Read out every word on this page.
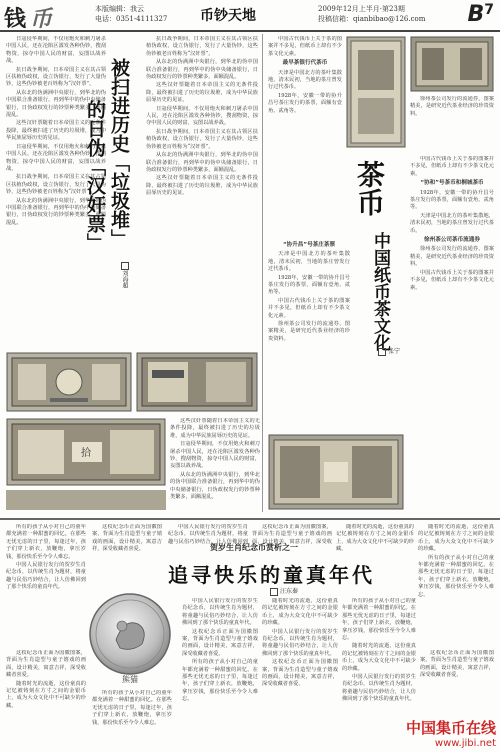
钱币	本版编辑：我云
电话：0351-4111327 币钞天地	2009年12月上半月·第23期
投稿信箱：qianbibao@126.com $B^7$

日寇侵华期间，不仅用炮火和刺刀屠杀中国人民，还在沦陷区滥发各种伪钞，搜刮物资，掠夺中国人民的财富，妄图以战养战。

抗日战争期间，日本帝国主义在其占领区扶植伪政权，设立伪银行，发行了大量伪钞，这些伪钞被老百姓称为“汉奸票”。

从东北的伪满洲中央银行，到华北的伪中国联合准备银行，再到华中的伪中央储备银行，日伪政权发行的钞票种类繁多，面额混乱。

这些汉奸票随着日本帝国主义的无条件投降，最终被扫进了历史的垃圾堆，成为中华民族屈辱历史的见证。

日寇侵华期间，不仅用炮火和刺刀屠杀中国人民，还在沦陷区滥发各种伪钞，搜刮物资，掠夺中国人民的财富，妄图以战养战。

抗日战争期间，日本帝国主义在其占领区扶植伪政权，设立伪银行，发行了大量伪钞，这些伪钞被老百姓称为“汉奸票”。

从东北的伪满洲中央银行，到华北的伪中国联合准备银行，再到华中的伪中央储备银行，日伪政权发行的钞票种类繁多，面额混乱。	被扫进历史「垃圾堆」
的日伪「汉奸票」
刘海超

抗日战争期间，日本帝国主义在其占领区扶植伪政权，设立伪银行，发行了大量伪钞，这些伪钞被老百姓称为“汉奸票”。

从东北的伪满洲中央银行，到华北的伪中国联合准备银行，再到华中的伪中央储备银行，日伪政权发行的钞票种类繁多，面额混乱。

这些汉奸票随着日本帝国主义的无条件投降，最终被扫进了历史的垃圾堆，成为中华民族屈辱历史的见证。

日寇侵华期间，不仅用炮火和刺刀屠杀中国人民，还在沦陷区滥发各种伪钞，搜刮物资，掠夺中国人民的财富，妄图以战养战。

抗日战争期间，日本帝国主义在其占领区扶植伪政权，设立伪银行，发行了大量伪钞，这些伪钞被老百姓称为“汉奸票”。

从东北的伪满洲中央银行，到华北的伪中国联合准备银行，再到华中的伪中央储备银行，日伪政权发行的钞票种类繁多，面额混乱。

这些汉奸票随着日本帝国主义的无条件投降，最终被扫进了历史的垃圾堆，成为中华民族屈辱历史的见证。

拾

这些汉奸票随着日本帝国主义的无条件投降，最终被扫进了历史的垃圾堆，成为中华民族屈辱历史的见证。

日寇侵华期间，不仅用炮火和刺刀屠杀中国人民，还在沦陷区滥发各种伪钞，搜刮物资，掠夺中国人民的财富，妄图以战养战。

从东北的伪满洲中央银行，到华北的伪中国联合准备银行，再到华中的伪中央储备银行，日伪政权发行的钞票种类繁多，面额混乱。

中国古代钱币上关于茶的图案并不多见，但纸币上却有不少茶文化元素。

最早茶银行代茶币

天津是中国北方的茶叶集散地，清末民初，当地的茶庄曾发行过代茶币。

1928年，安徽一带的协升昌号茶庄发行的茶票，面额有壹角、贰角等。

徐州茶公司发行的流通券，图案精美，是研究近代茶业经济的珍贵资料。

茶币
中国纸币茶文化
张宁
“协升昌”号茶庄茶票

天津是中国北方的茶叶集散地，清末民初，当地的茶庄曾发行过代茶币。

1928年，安徽一带的协升昌号茶庄发行的茶票，面额有壹角、贰角等。

中国古代钱币上关于茶的图案并不多见，但纸币上却有不少茶文化元素。

徐州茶公司发行的流通券，图案精美，是研究近代茶业经济的珍贵资料。

中国古代钱币上关于茶的图案并不多见，但纸币上却有不少茶文化元素。

“协和”号茶币和桐城茶币

1928年，安徽一带的协升昌号茶庄发行的茶票，面额有壹角、贰角等。

天津是中国北方的茶叶集散地，清末民初，当地的茶庄曾发行过代茶币。

徐州茶公司茶币流通券

徐州茶公司发行的流通券，图案精美，是研究近代茶业经济的珍贵资料。

中国古代钱币上关于茶的图案并不多见，但纸币上却有不少茶文化元素。

所有的孩子从小对自己的童年都充满着一种甜蜜的回忆。在那些无忧无虑的日子里，每逢过年，孩子们穿上新衣，放鞭炮，拿压岁钱，那份快乐至今令人难忘。

中国人民银行发行的贺岁生肖纪念币，以传统生肖为题材，将童趣与民俗巧妙结合，让人仿佛回到了那个快乐的童真年代。

这枚纪念币正面为国徽图案，背面为生肖造型与童子嬉戏的画面，设计精美，寓意吉祥，深受收藏者喜爱。

中国人民银行发行的贺岁生肖纪念币，以传统生肖为题材，将童趣与民俗巧妙结合，让人仿佛回到

这枚纪念币正面为国徽图案，背面为生肖造型与童子嬉戏的画面，设计精美，寓意吉祥，深受收

随着时光的流逝，这份童真的记忆被铸刻在方寸之间的金银币上，成为大众文化中不可缺少的珍藏。

随着时光的流逝，这份童真的记忆被铸刻在方寸之间的金银币上，成为大众文化中不可缺少的珍藏。

所有的孩子从小对自己的童年都充满着一种甜蜜的回忆。在那些无忧无虑的日子里，每逢过年，孩子们穿上新衣，放鞭炮，拿压岁钱，那份快乐至今令人难忘。

贺岁生肖纪念币赏析之一
追寻快乐的童真年代
汪东秦
熊猫

这枚纪念币正面为国徽图案，背面为生肖造型与童子嬉戏的画面，设计精美，寓意吉祥，深受收藏者喜爱。

随着时光的流逝，这份童真的记忆被铸刻在方寸之间的金银币上，成为大众文化中不可缺少的珍藏。

所有的孩子从小对自己的童年都充满着一种甜蜜的回忆。在那些无忧无虑的日子里，每逢过年，孩子们穿上新衣，放鞭炮，拿压岁钱，那份快乐至今令人难忘。

中国人民银行发行的贺岁生肖纪念币，以传统生肖为题材，将童趣与民俗巧妙结合，让人仿佛回到了那个快乐的童真年代。

这枚纪念币正面为国徽图案，背面为生肖造型与童子嬉戏的画面，设计精美，寓意吉祥，深受收藏者喜爱。

所有的孩子从小对自己的童年都充满着一种甜蜜的回忆。在那些无忧无虑的日子里，每逢过年，孩子们穿上新衣，放鞭炮，拿压岁钱，那份快乐至今令人难忘。

随着时光的流逝，这份童真的记忆被铸刻在方寸之间的金银币上，成为大众文化中不可缺少的珍藏。

中国人民银行发行的贺岁生肖纪念币，以传统生肖为题材，将童趣与民俗巧妙结合，让人仿佛回到了那个快乐的童真年代。

这枚纪念币正面为国徽图案，背面为生肖造型与童子嬉戏的画面，设计精美，寓意吉祥，深受收藏者喜爱。

所有的孩子从小对自己的童年都充满着一种甜蜜的回忆。在那些无忧无虑的日子里，每逢过年，孩子们穿上新衣，放鞭炮，拿压岁钱，那份快乐至今令人难忘。

随着时光的流逝，这份童真的记忆被铸刻在方寸之间的金银币上，成为大众文化中不可缺少的珍藏。

中国人民银行发行的贺岁生肖纪念币，以传统生肖为题材，将童趣与民俗巧妙结合，让人仿佛回到了那个快乐的童真年代。

这枚纪念币正面为国徽图案，背面为生肖造型与童子嬉戏的画面，设计精美，寓意吉祥，深受收藏者喜爱。

中国集币在线
www.jibi.net
